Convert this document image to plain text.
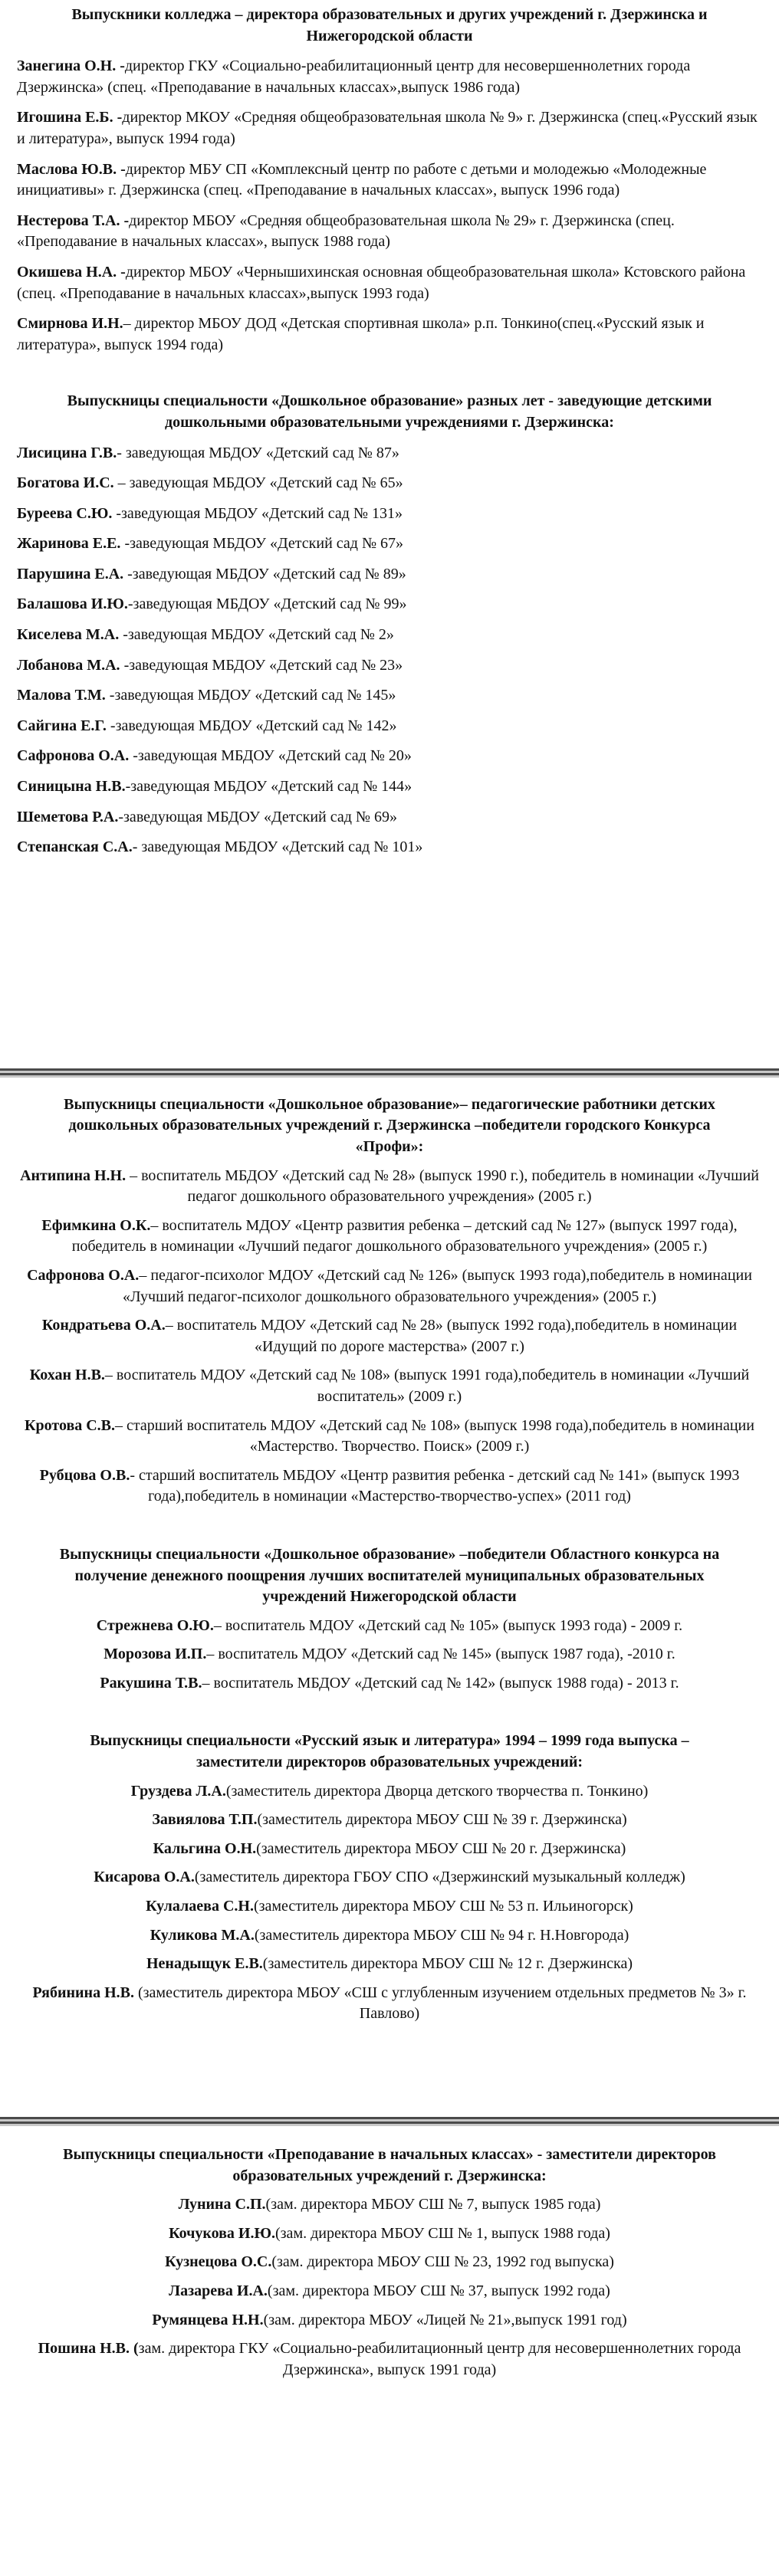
Выпускники колледжа – директора образовательных и других учреждений г. Дзержинска и Нижегородской области

Занегина О.Н. -директор ГКУ «Социально-реабилитационный центр для несовершеннолетних города Дзержинска» (спец. «Преподавание в начальных классах»,выпуск 1986 года)

Игошина Е.Б. -директор МКОУ «Средняя общеобразовательная школа № 9» г. Дзержинска (спец.«Русский язык и литература», выпуск 1994 года)

Маслова Ю.В. -директор МБУ СП «Комплексный центр по работе с детьми и молодежью «Молодежные инициативы» г. Дзержинска (спец. «Преподавание в начальных классах», выпуск 1996 года)

Нестерова Т.А. -директор МБОУ «Средняя общеобразовательная школа № 29» г. Дзержинска (спец. «Преподавание в начальных классах», выпуск 1988 года)

Окишева Н.А. -директор МБОУ «Чернышихинская основная общеобразовательная школа» Кстовского района (спец. «Преподавание в начальных классах»,выпуск 1993 года)

Смирнова И.Н.– директор МБОУ ДОД «Детская спортивная школа» р.п. Тонкино(спец.«Русский язык и литература», выпуск 1994 года)

Выпускницы специальности «Дошкольное образование» разных лет - заведующие детскими дошкольными образовательными учреждениями г. Дзержинска:

Лисицина Г.В.- заведующая МБДОУ «Детский сад № 87»

Богатова И.С. – заведующая МБДОУ «Детский сад № 65»

Буреева С.Ю. -заведующая МБДОУ «Детский сад № 131»

Жаринова Е.Е. -заведующая МБДОУ «Детский сад № 67»

Парушина Е.А. -заведующая МБДОУ «Детский сад № 89»

Балашова И.Ю.-заведующая МБДОУ «Детский сад № 99»

Киселева М.А. -заведующая МБДОУ «Детский сад № 2»

Лобанова М.А. -заведующая МБДОУ «Детский сад № 23»

Малова Т.М. -заведующая МБДОУ «Детский сад № 145»

Сайгина Е.Г. -заведующая МБДОУ «Детский сад № 142»

Сафронова О.А. -заведующая МБДОУ «Детский сад № 20»

Синицына Н.В.-заведующая МБДОУ «Детский сад № 144»

Шеметова Р.А.-заведующая МБДОУ «Детский сад № 69»

Степанская С.А.- заведующая МБДОУ «Детский сад № 101»

Выпускницы специальности «Дошкольное образование»– педагогические работники детских дошкольных образовательных учреждений г. Дзержинска –победители городского Конкурса «Профи»:

Антипина Н.Н. – воспитатель МБДОУ «Детский сад № 28» (выпуск 1990 г.), победитель в номинации «Лучший педагог дошкольного образовательного учреждения» (2005 г.)

Ефимкина О.К.– воспитатель МДОУ «Центр развития ребенка – детский сад № 127» (выпуск 1997 года), победитель в номинации «Лучший педагог дошкольного образовательного учреждения» (2005 г.)

Сафронова О.А.– педагог-психолог МДОУ «Детский сад № 126» (выпуск 1993 года),победитель в номинации «Лучший педагог-психолог дошкольного образовательного учреждения» (2005 г.)

Кондратьева О.А.– воспитатель МДОУ «Детский сад № 28» (выпуск 1992 года),победитель в номинации «Идущий по дороге мастерства» (2007 г.)

Кохан Н.В.– воспитатель МДОУ «Детский сад № 108» (выпуск 1991 года),победитель в номинации «Лучший воспитатель» (2009 г.)

Кротова С.В.– старший воспитатель МДОУ «Детский сад № 108» (выпуск 1998 года),победитель в номинации «Мастерство. Творчество. Поиск» (2009 г.)

Рубцова О.В.- старший воспитатель МБДОУ «Центр развития ребенка - детский сад № 141» (выпуск 1993 года),победитель в номинации «Мастерство-творчество-успех» (2011 год)

Выпускницы специальности «Дошкольное образование» –победители Областного конкурса на получение денежного поощрения лучших воспитателей муниципальных образовательных учреждений Нижегородской области

Стрежнева О.Ю.– воспитатель МДОУ «Детский сад № 105» (выпуск 1993 года) - 2009 г.

Морозова И.П.– воспитатель МДОУ «Детский сад № 145» (выпуск 1987 года), -2010 г.

Ракушина Т.В.– воспитатель МБДОУ «Детский сад № 142» (выпуск 1988 года) - 2013 г.

Выпускницы специальности «Русский язык и литература» 1994 – 1999 года выпуска – заместители директоров образовательных учреждений:

Груздева Л.А.(заместитель директора Дворца детского творчества п. Тонкино)

Завиялова Т.П.(заместитель директора МБОУ СШ № 39 г. Дзержинска)

Кальгина О.Н.(заместитель директора МБОУ СШ № 20 г. Дзержинска)

Кисарова О.А.(заместитель директора ГБОУ СПО «Дзержинский музыкальный колледж)

Кулалаева С.Н.(заместитель директора МБОУ СШ № 53 п. Ильиногорск)

Куликова М.А.(заместитель директора МБОУ СШ № 94 г. Н.Новгорода)

Ненадыщук Е.В.(заместитель директора МБОУ СШ № 12 г. Дзержинска)

Рябинина Н.В. (заместитель директора МБОУ «СШ с углубленным изучением отдельных предметов № 3» г. Павлово)

Выпускницы специальности «Преподавание в начальных классах» - заместители директоров образовательных учреждений г. Дзержинска:

Лунина С.П.(зам. директора МБОУ СШ № 7, выпуск 1985 года)

Кочукова И.Ю.(зам. директора МБОУ СШ № 1, выпуск 1988 года)

Кузнецова О.С.(зам. директора МБОУ СШ № 23, 1992 год выпуска)

Лазарева И.А.(зам. директора МБОУ СШ № 37, выпуск 1992 года)

Румянцева Н.Н.(зам. директора МБОУ «Лицей № 21»,выпуск 1991 год)

Пошина Н.В. (зам. директора ГКУ «Социально-реабилитационный центр для несовершеннолетних города Дзержинска», выпуск 1991 года)
